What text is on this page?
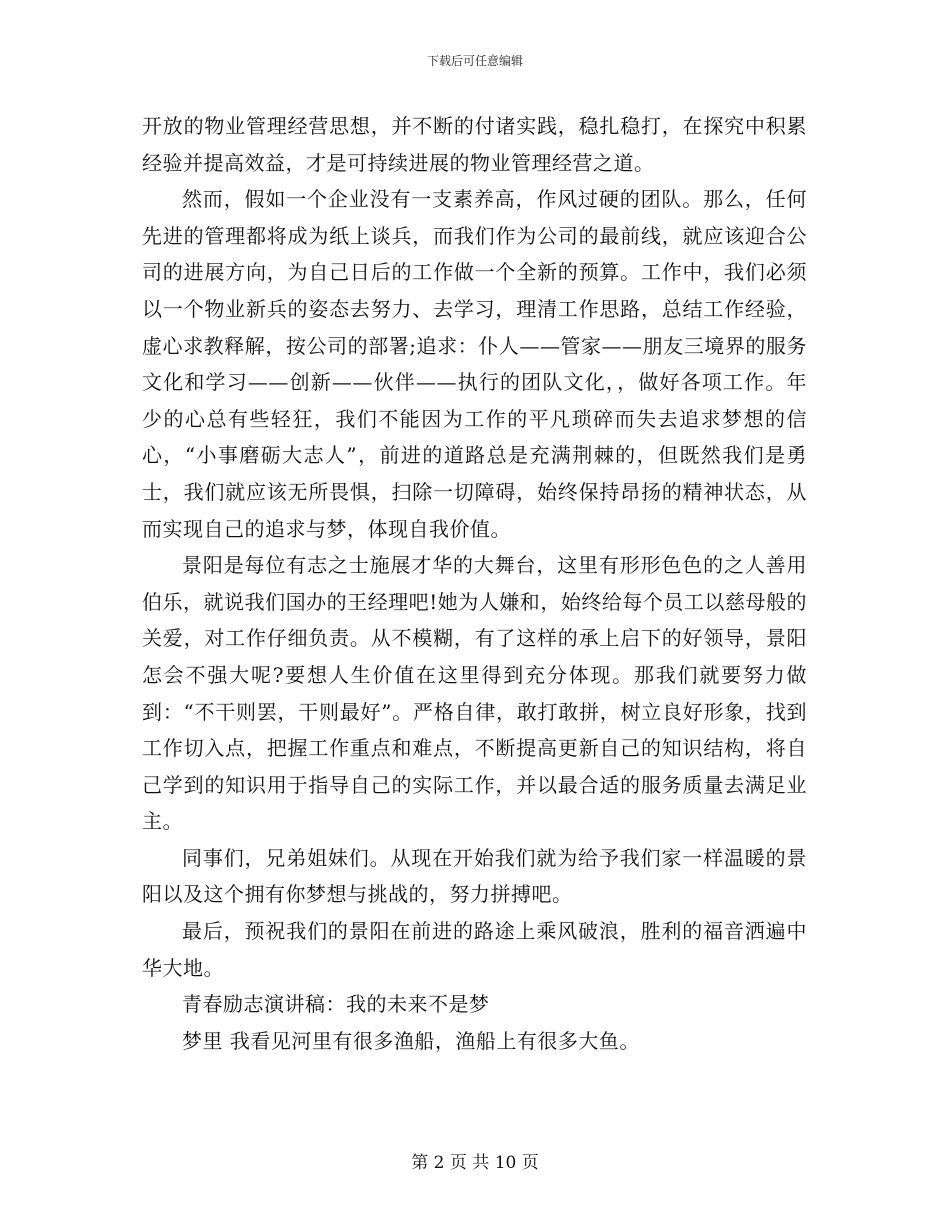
下载后可任意编辑

开放的物业管理经营思想，并不断的付诸实践，稳扎稳打，在探究中积累经验并提高效益，才是可持续进展的物业管理经营之道。

然而，假如一个企业没有一支素养高，作风过硬的团队。那么，任何先进的管理都将成为纸上谈兵，而我们作为公司的最前线，就应该迎合公司的进展方向，为自己日后的工作做一个全新的预算。工作中，我们必须以一个物业新兵的姿态去努力、去学习，理清工作思路，总结工作经验，虚心求教释解，按公司的部署;追求：仆人——管家——朋友三境界的服务文化和学习——创新——伙伴——执行的团队文化，，做好各项工作。年少的心总有些轻狂，我们不能因为工作的平凡琐碎而失去追求梦想的信心，“小事磨砺大志人”，前进的道路总是充满荆棘的，但既然我们是勇士，我们就应该无所畏惧，扫除一切障碍，始终保持昂扬的精神状态，从而实现自己的追求与梦，体现自我价值。

景阳是每位有志之士施展才华的大舞台，这里有形形色色的之人善用伯乐，就说我们国办的王经理吧!她为人嫌和，始终给每个员工以慈母般的关爱，对工作仔细负责。从不模糊，有了这样的承上启下的好领导，景阳怎会不强大呢?要想人生价值在这里得到充分体现。那我们就要努力做到：“不干则罢，干则最好”。严格自律，敢打敢拼，树立良好形象，找到工作切入点，把握工作重点和难点，不断提高更新自己的知识结构，将自己学到的知识用于指导自己的实际工作，并以最合适的服务质量去满足业主。

同事们，兄弟姐妹们。从现在开始我们就为给予我们家一样温暖的景阳以及这个拥有你梦想与挑战的，努力拼搏吧。

最后，预祝我们的景阳在前进的路途上乘风破浪，胜利的福音洒遍中华大地。

青春励志演讲稿：我的未来不是梦

梦里 我看见河里有很多渔船，渔船上有很多大鱼。

第 2 页 共 10 页
